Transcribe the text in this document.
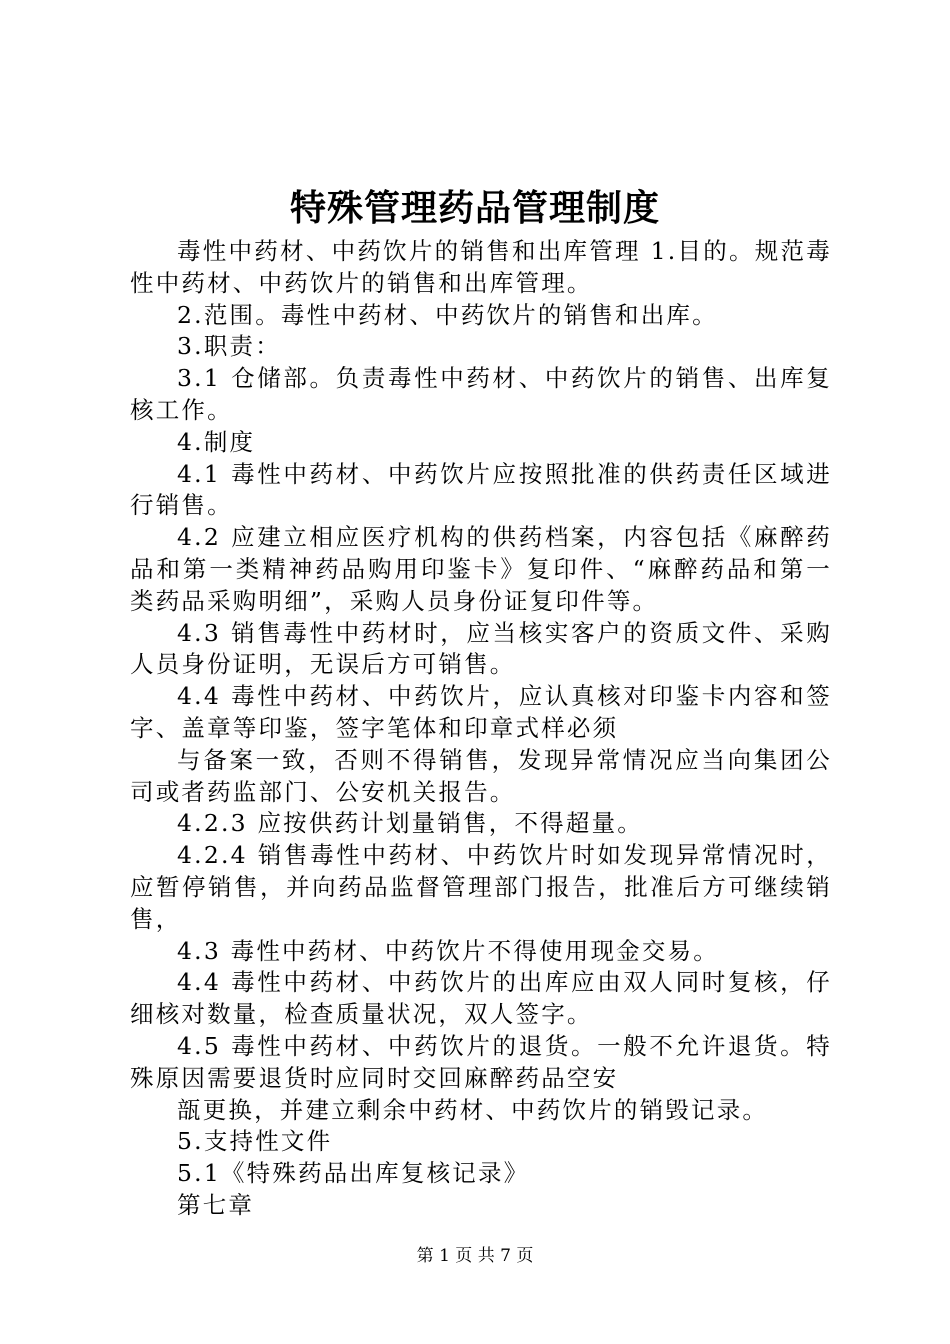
特殊管理药品管理制度

毒性中药材、中药饮片的销售和出库管理 1.目的。规范毒性中药材、中药饮片的销售和出库管理。

2.范围。毒性中药材、中药饮片的销售和出库。

3.职责：

3.1 仓储部。负责毒性中药材、中药饮片的销售、出库复核工作。

4.制度

4.1 毒性中药材、中药饮片应按照批准的供药责任区域进行销售。

4.2 应建立相应医疗机构的供药档案，内容包括《麻醉药品和第一类精神药品购用印鉴卡》复印件、“麻醉药品和第一类药品采购明细”，采购人员身份证复印件等。

4.3 销售毒性中药材时，应当核实客户的资质文件、采购人员身份证明，无误后方可销售。

4.4 毒性中药材、中药饮片，应认真核对印鉴卡内容和签字、盖章等印鉴，签字笔体和印章式样必须

与备案一致，否则不得销售，发现异常情况应当向集团公司或者药监部门、公安机关报告。

4.2.3 应按供药计划量销售，不得超量。

4.2.4 销售毒性中药材、中药饮片时如发现异常情况时，应暂停销售，并向药品监督管理部门报告，批准后方可继续销售，

4.3 毒性中药材、中药饮片不得使用现金交易。

4.4 毒性中药材、中药饮片的出库应由双人同时复核，仔细核对数量，检查质量状况，双人签字。

4.5 毒性中药材、中药饮片的退货。一般不允许退货。特殊原因需要退货时应同时交回麻醉药品空安

瓿更换，并建立剩余中药材、中药饮片的销毁记录。

5.支持性文件

5.1《特殊药品出库复核记录》

第七章

第 1 页 共 7 页
